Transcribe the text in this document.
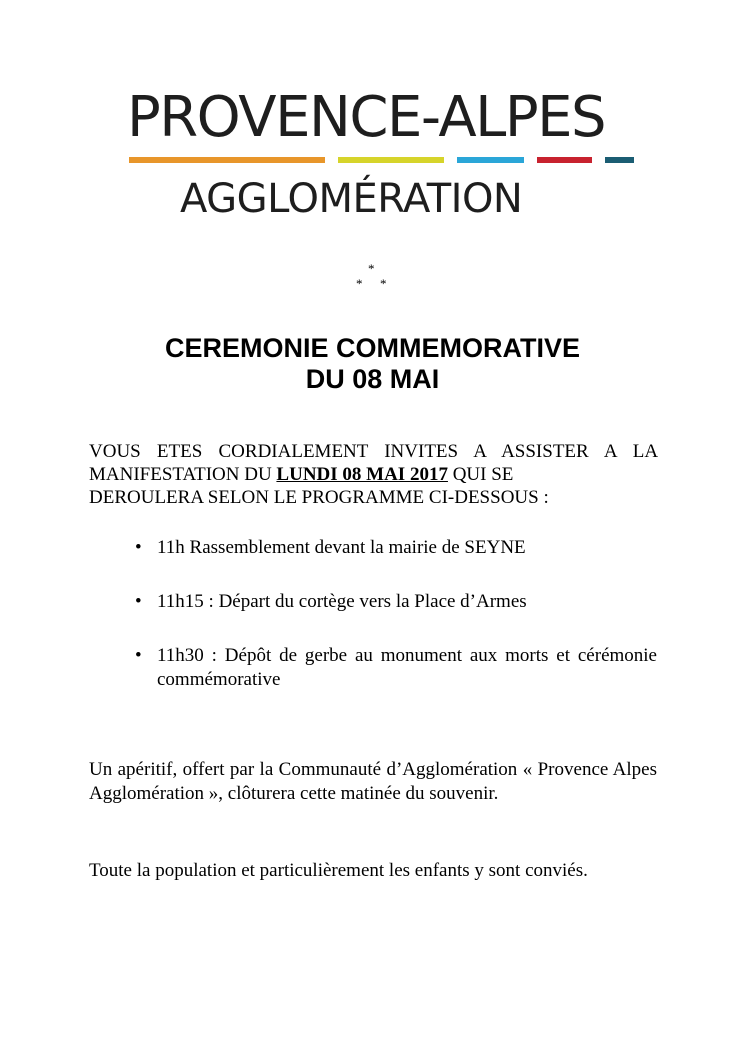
PROVENCE-ALPES
AGGLOMÉRATION
*
* *
CEREMONIE COMMEMORATIVE
DU 08 MAI
VOUS ETES CORDIALEMENT INVITES A ASSISTER A LA MANIFESTATION DU LUNDI 08 MAI 2017 QUI SE
DEROULERA SELON LE PROGRAMME CI-DESSOUS :
• 11h Rassemblement devant la mairie de SEYNE
• 11h15 : Départ du cortège vers la Place d’Armes
• 11h30 : Dépôt de gerbe au monument aux morts et cérémonie commémorative

Un apéritif, offert par la Communauté d’Agglomération « Provence Alpes Agglomération », clôturera cette matinée du souvenir.

Toute la population et particulièrement les enfants y sont conviés.
